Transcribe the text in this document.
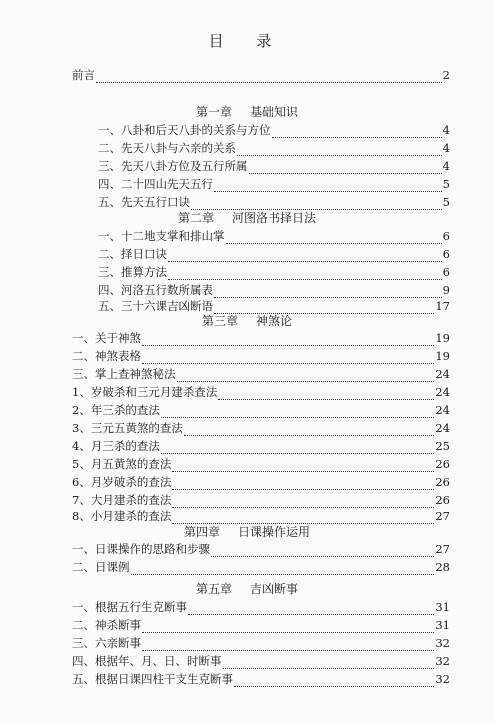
目 录
前言	2
第一章 基础知识
一、八卦和后天八卦的关系与方位	4
二、先天八卦与六亲的关系	4
三、先天八卦方位及五行所属	4
四、二十四山先天五行	5
五、先天五行口诀	5
第二章 河图洛书择日法
一、十二地支掌和排山掌	6
二、择日口诀	6
三、推算方法	6
四、河洛五行数所属表	9
五、三十六课吉凶断语	17
第三章 神煞论
一、关于神煞	19
二、神煞表格	19
三、掌上查神煞秘法	24
1、岁破杀和三元月建杀查法	24
2、年三杀的查法	24
3、三元五黄煞的查法	24
4、月三杀的查法	25
5、月五黄煞的查法	26
6、月岁破杀的查法	26
7、大月建杀的查法	26
8、小月建杀的查法	27
第四章 日课操作运用
一、日课操作的思路和步骤	27
二、日课例	28
第五章 吉凶断事
一、根据五行生克断事	31
二、神杀断事	31
三、六亲断事	32
四、根据年、月、日、时断事	32
五、根据日课四柱干支生克断事	32
